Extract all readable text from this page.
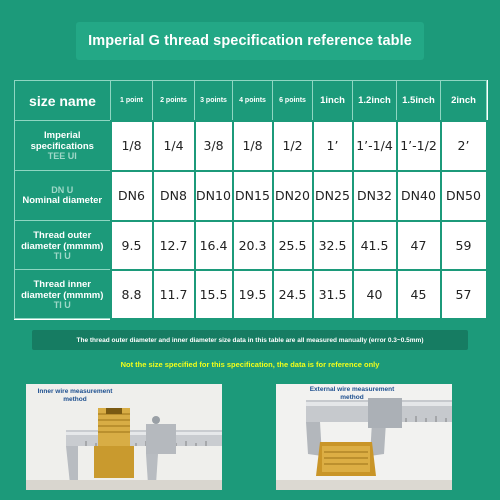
Imperial G thread specification reference table
size name	1 point	2 points	3 points	4 points	6 points	1inch	1.2inch	1.5inch	2inch
Imperial specifications
TEE UI	1/8	1/4	3/8	1/8	1/2	1’	1’-1/4	1’-1/2	2’

DN U
Nominal diameter	DN6	DN8	DN10	DN15	DN20	DN25	DN32	DN40	DN50
Thread outer diameter (mmmm)
TI U	9.5	12.7	16.4	20.3	25.5	32.5	41.5	47	59
Thread inner diameter (mmmm)
TI U	8.8	11.7	15.5	19.5	24.5	31.5	40	45	57
The thread outer diameter and inner diameter size data in this table are all measured manually (error 0.3~0.5mm)
Not the size specified for this specification, the data is for reference only
Inner wire measurement method
External wire measurement method
